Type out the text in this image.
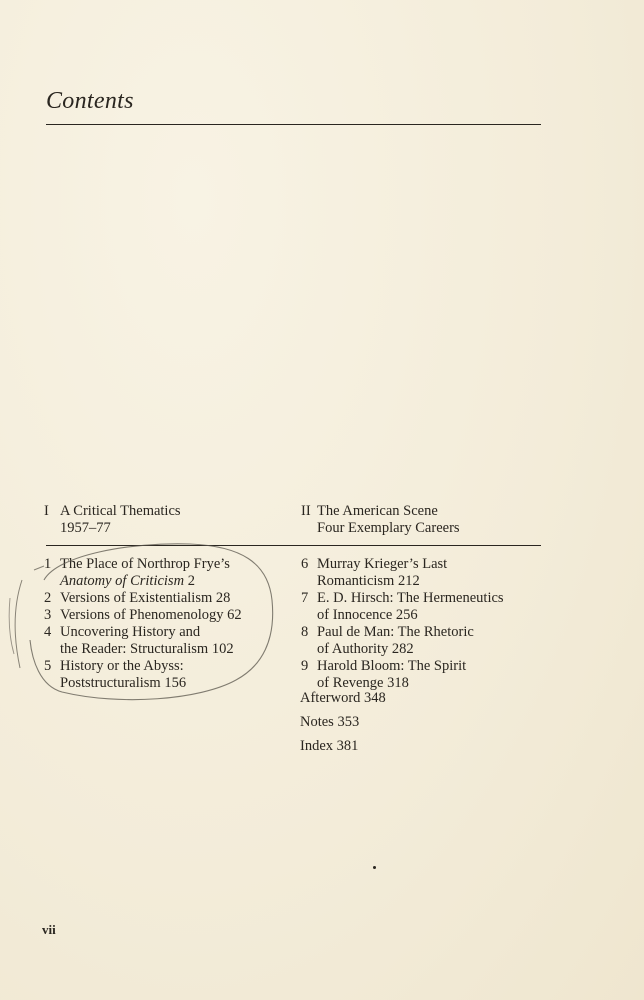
Contents
I A Critical Thematics
1957–77
II The American Scene
Four Exemplary Careers
1 The Place of Northrop Frye’s
Anatomy of Criticism 2
2 Versions of Existentialism 28
3 Versions of Phenomenology 62
4 Uncovering History and
the Reader: Structuralism 102
5 History or the Abyss:
Poststructuralism 156
6 Murray Krieger’s Last
Romanticism 212
7 E. D. Hirsch: The Hermeneutics
of Innocence 256
8 Paul de Man: The Rhetoric
of Authority 282
9 Harold Bloom: The Spirit
of Revenge 318
Afterword 348
Notes 353
Index 381
vii
